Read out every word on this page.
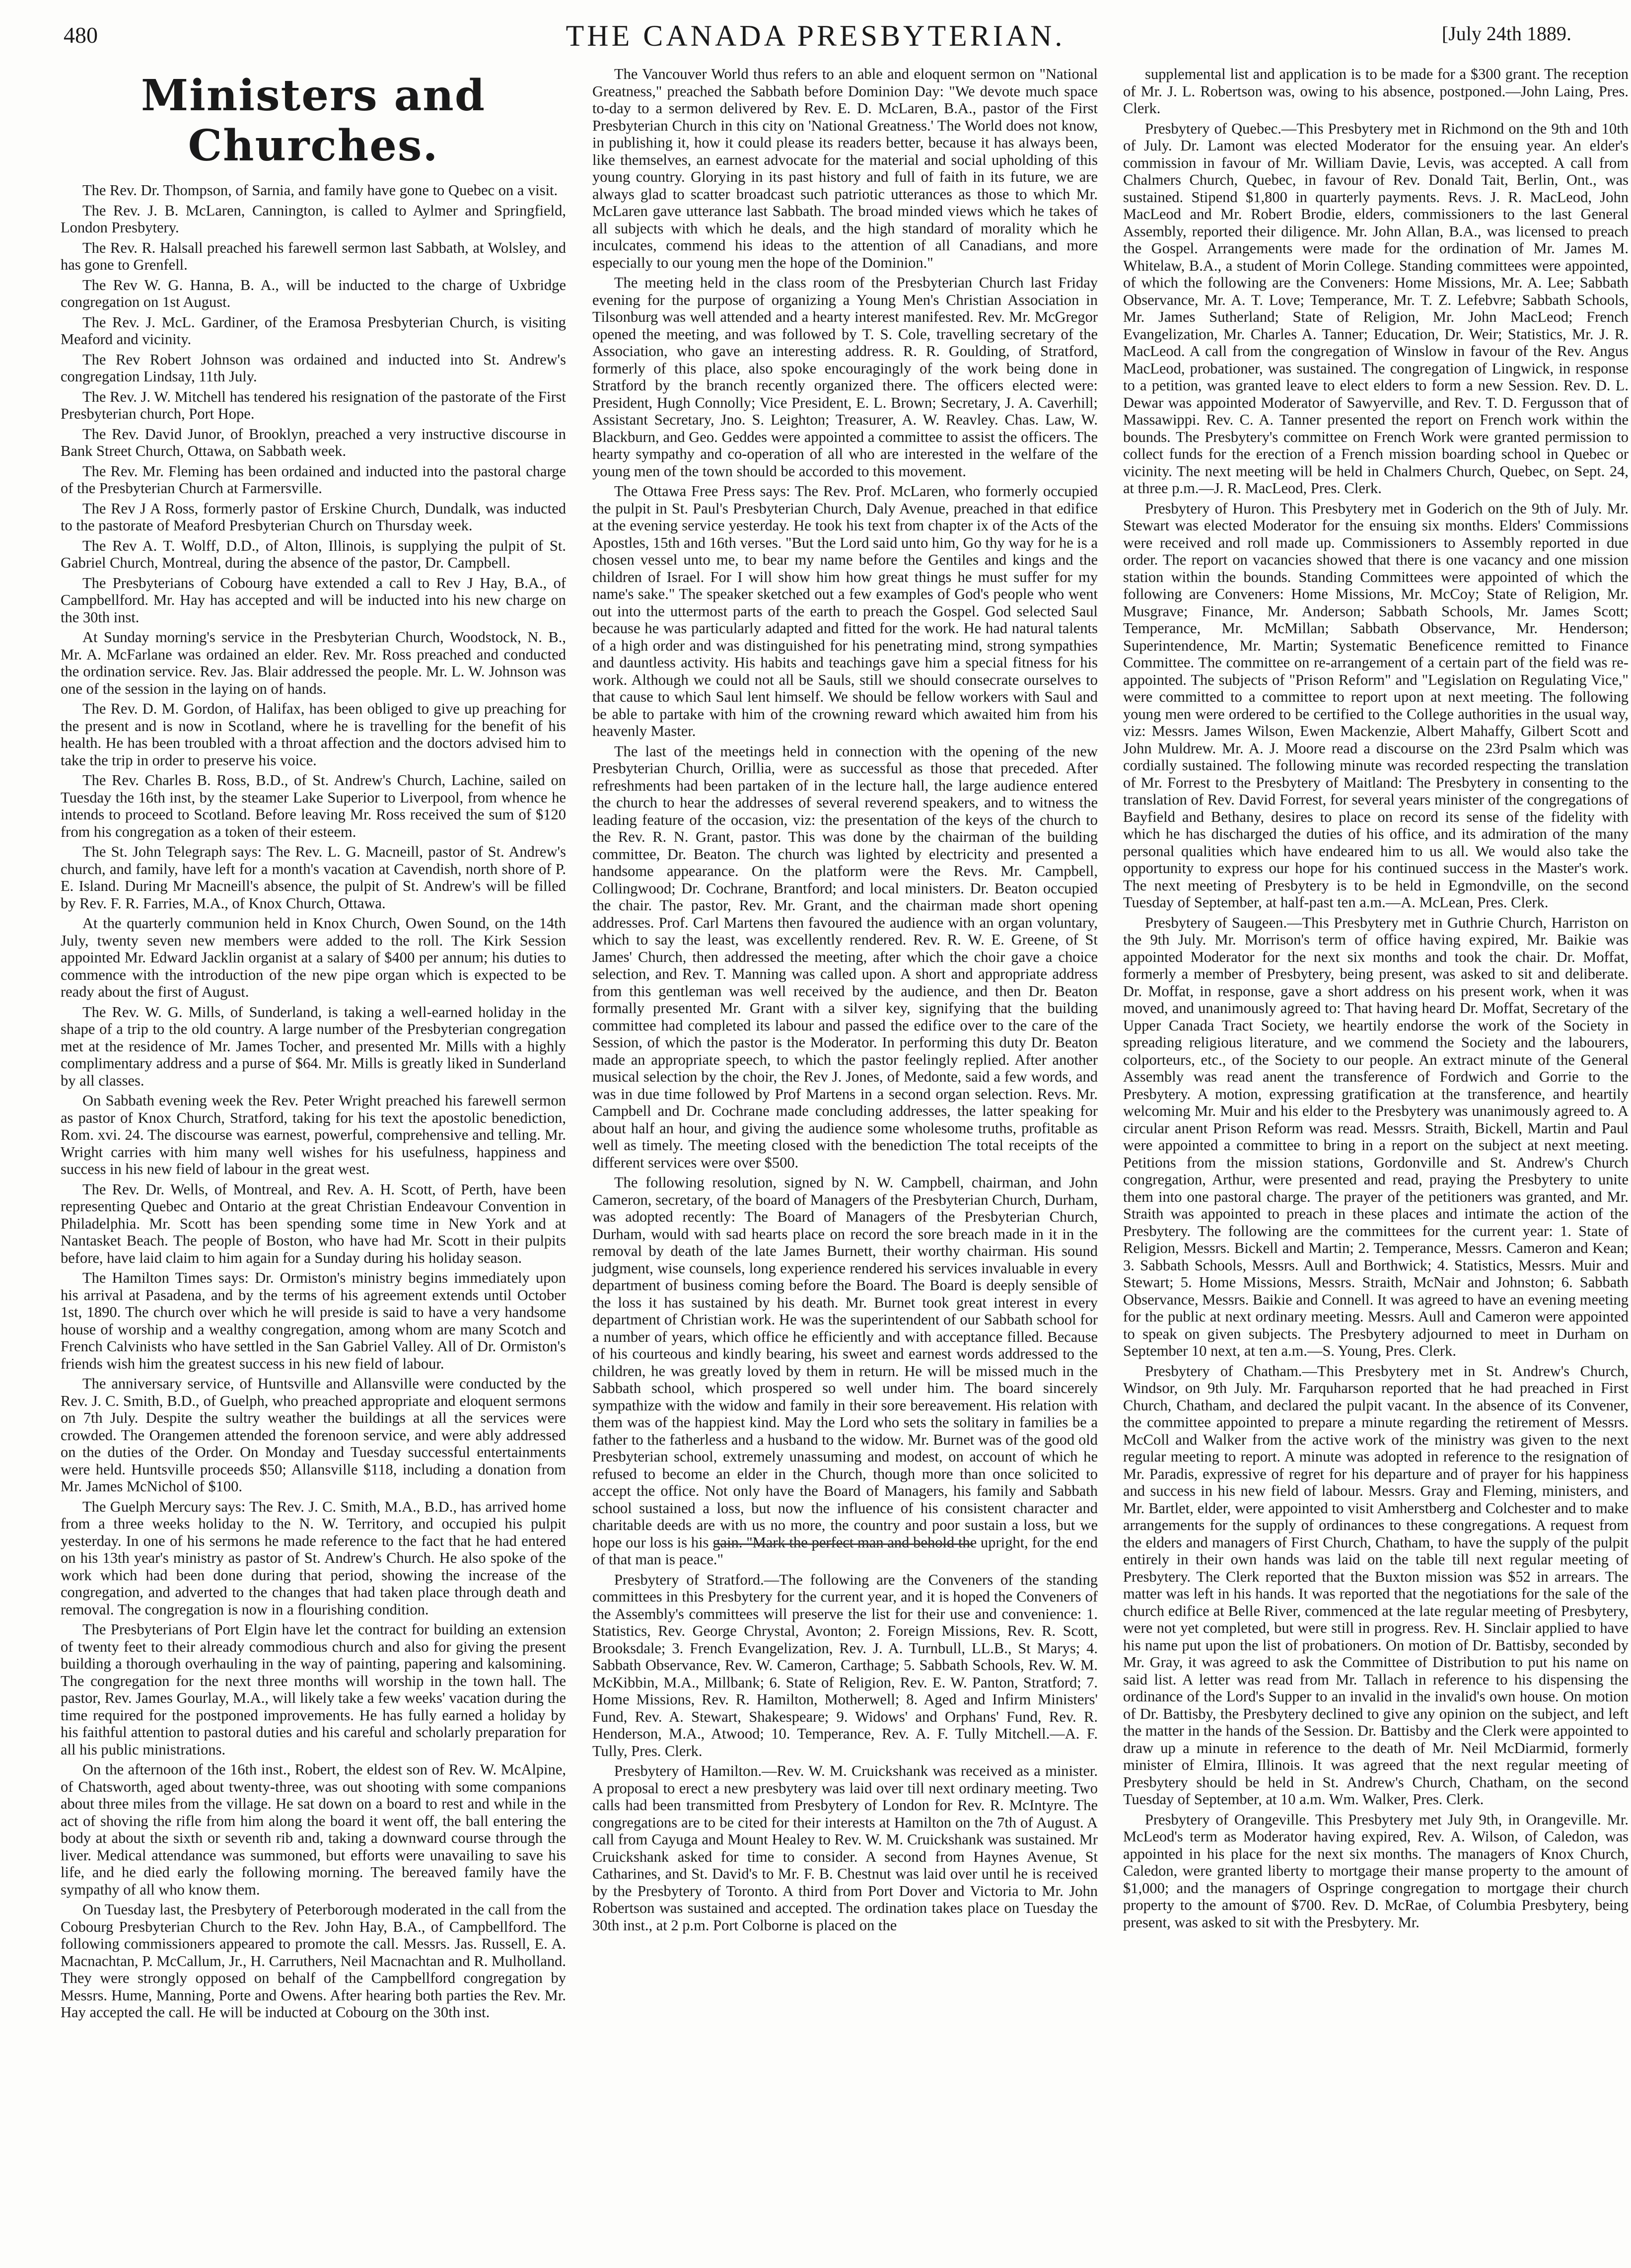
480	THE CANADA PRESBYTERIAN.	[July 24th 1889.
Ministers and Churches.

The Rev. Dr. Thompson, of Sarnia, and family have gone to Quebec on a visit.

The Rev. J. B. McLaren, Cannington, is called to Aylmer and Springfield, London Presbytery.

The Rev. R. Halsall preached his farewell sermon last Sabbath, at Wolsley, and has gone to Grenfell.

The Rev W. G. Hanna, B. A., will be inducted to the charge of Uxbridge congregation on 1st August.

The Rev. J. McL. Gardiner, of the Eramosa Presbyterian Church, is visiting Meaford and vicinity.

The Rev Robert Johnson was ordained and inducted into St. Andrew's congregation Lindsay, 11th July.

The Rev. J. W. Mitchell has tendered his resignation of the pastorate of the First Presbyterian church, Port Hope.

The Rev. David Junor, of Brooklyn, preached a very instructive discourse in Bank Street Church, Ottawa, on Sabbath week.

The Rev. Mr. Fleming has been ordained and inducted into the pastoral charge of the Presbyterian Church at Farmersville.

The Rev J A Ross, formerly pastor of Erskine Church, Dundalk, was inducted to the pastorate of Meaford Presbyterian Church on Thursday week.

The Rev A. T. Wolff, D.D., of Alton, Illinois, is supplying the pulpit of St. Gabriel Church, Montreal, during the absence of the pastor, Dr. Campbell.

The Presbyterians of Cobourg have extended a call to Rev J Hay, B.A., of Campbellford. Mr. Hay has accepted and will be inducted into his new charge on the 30th inst.

At Sunday morning's service in the Presbyterian Church, Woodstock, N. B., Mr. A. McFarlane was ordained an elder. Rev. Mr. Ross preached and conducted the ordination service. Rev. Jas. Blair addressed the people. Mr. L. W. Johnson was one of the session in the laying on of hands.

The Rev. D. M. Gordon, of Halifax, has been obliged to give up preaching for the present and is now in Scotland, where he is travelling for the benefit of his health. He has been troubled with a throat affection and the doctors advised him to take the trip in order to preserve his voice.

The Rev. Charles B. Ross, B.D., of St. Andrew's Church, Lachine, sailed on Tuesday the 16th inst, by the steamer Lake Superior to Liverpool, from whence he intends to proceed to Scotland. Before leaving Mr. Ross received the sum of $120 from his congregation as a token of their esteem.

The St. John Telegraph says: The Rev. L. G. Macneill, pastor of St. Andrew's church, and family, have left for a month's vacation at Cavendish, north shore of P. E. Island. During Mr Macneill's absence, the pulpit of St. Andrew's will be filled by Rev. F. R. Farries, M.A., of Knox Church, Ottawa.

At the quarterly communion held in Knox Church, Owen Sound, on the 14th July, twenty seven new members were added to the roll. The Kirk Session appointed Mr. Edward Jacklin organist at a salary of $400 per annum; his duties to commence with the introduction of the new pipe organ which is expected to be ready about the first of August.

The Rev. W. G. Mills, of Sunderland, is taking a well-earned holiday in the shape of a trip to the old country. A large number of the Presbyterian congregation met at the residence of Mr. James Tocher, and presented Mr. Mills with a highly complimentary address and a purse of $64. Mr. Mills is greatly liked in Sunderland by all classes.

On Sabbath evening week the Rev. Peter Wright preached his farewell sermon as pastor of Knox Church, Stratford, taking for his text the apostolic benediction, Rom. xvi. 24. The discourse was earnest, powerful, comprehensive and telling. Mr. Wright carries with him many well wishes for his usefulness, happiness and success in his new field of labour in the great west.

The Rev. Dr. Wells, of Montreal, and Rev. A. H. Scott, of Perth, have been representing Quebec and Ontario at the great Christian Endeavour Convention in Philadelphia. Mr. Scott has been spending some time in New York and at Nantasket Beach. The people of Boston, who have had Mr. Scott in their pulpits before, have laid claim to him again for a Sunday during his holiday season.

The Hamilton Times says: Dr. Ormiston's ministry begins immediately upon his arrival at Pasadena, and by the terms of his agreement extends until October 1st, 1890. The church over which he will preside is said to have a very handsome house of worship and a wealthy congregation, among whom are many Scotch and French Calvinists who have settled in the San Gabriel Valley. All of Dr. Ormiston's friends wish him the greatest success in his new field of labour.

The anniversary service, of Huntsville and Allansville were conducted by the Rev. J. C. Smith, B.D., of Guelph, who preached appropriate and eloquent sermons on 7th July. Despite the sultry weather the buildings at all the services were crowded. The Orangemen attended the forenoon service, and were ably addressed on the duties of the Order. On Monday and Tuesday successful entertainments were held. Huntsville proceeds $50; Allansville $118, including a donation from Mr. James McNichol of $100.

The Guelph Mercury says: The Rev. J. C. Smith, M.A., B.D., has arrived home from a three weeks holiday to the N. W. Territory, and occupied his pulpit yesterday. In one of his sermons he made reference to the fact that he had entered on his 13th year's ministry as pastor of St. Andrew's Church. He also spoke of the work which had been done during that period, showing the increase of the congregation, and adverted to the changes that had taken place through death and removal. The congregation is now in a flourishing condition.

The Presbyterians of Port Elgin have let the contract for building an extension of twenty feet to their already commodious church and also for giving the present building a thorough overhauling in the way of painting, papering and kalsomining. The congregation for the next three months will worship in the town hall. The pastor, Rev. James Gourlay, M.A., will likely take a few weeks' vacation during the time required for the postponed improvements. He has fully earned a holiday by his faithful attention to pastoral duties and his careful and scholarly preparation for all his public ministrations.

On the afternoon of the 16th inst., Robert, the eldest son of Rev. W. McAlpine, of Chatsworth, aged about twenty-three, was out shooting with some companions about three miles from the village. He sat down on a board to rest and while in the act of shoving the rifle from him along the board it went off, the ball entering the body at about the sixth or seventh rib and, taking a downward course through the liver. Medical attendance was summoned, but efforts were unavailing to save his life, and he died early the following morning. The bereaved family have the sympathy of all who know them.

On Tuesday last, the Presbytery of Peterborough moderated in the call from the Cobourg Presbyterian Church to the Rev. John Hay, B.A., of Campbellford. The following commissioners appeared to promote the call. Messrs. Jas. Russell, E. A. Macnachtan, P. McCallum, Jr., H. Carruthers, Neil Macnachtan and R. Mulholland. They were strongly opposed on behalf of the Campbellford congregation by Messrs. Hume, Manning, Porte and Owens. After hearing both parties the Rev. Mr. Hay accepted the call. He will be inducted at Cobourg on the 30th inst.

The Vancouver World thus refers to an able and eloquent sermon on "National Greatness," preached the Sabbath before Dominion Day: "We devote much space to-day to a sermon delivered by Rev. E. D. McLaren, B.A., pastor of the First Presbyterian Church in this city on 'National Greatness.' The World does not know, in publishing it, how it could please its readers better, because it has always been, like themselves, an earnest advocate for the material and social upholding of this young country. Glorying in its past history and full of faith in its future, we are always glad to scatter broadcast such patriotic utterances as those to which Mr. McLaren gave utterance last Sabbath. The broad minded views which he takes of all subjects with which he deals, and the high standard of morality which he inculcates, commend his ideas to the attention of all Canadians, and more especially to our young men the hope of the Dominion."

The meeting held in the class room of the Presbyterian Church last Friday evening for the purpose of organizing a Young Men's Christian Association in Tilsonburg was well attended and a hearty interest manifested. Rev. Mr. McGregor opened the meeting, and was followed by T. S. Cole, travelling secretary of the Association, who gave an interesting address. R. R. Goulding, of Stratford, formerly of this place, also spoke encouragingly of the work being done in Stratford by the branch recently organized there. The officers elected were: President, Hugh Connolly; Vice President, E. L. Brown; Secretary, J. A. Caverhill; Assistant Secretary, Jno. S. Leighton; Treasurer, A. W. Reavley. Chas. Law, W. Blackburn, and Geo. Geddes were appointed a committee to assist the officers. The hearty sympathy and co-operation of all who are interested in the welfare of the young men of the town should be accorded to this movement.

The Ottawa Free Press says: The Rev. Prof. McLaren, who formerly occupied the pulpit in St. Paul's Presbyterian Church, Daly Avenue, preached in that edifice at the evening service yesterday. He took his text from chapter ix of the Acts of the Apostles, 15th and 16th verses. "But the Lord said unto him, Go thy way for he is a chosen vessel unto me, to bear my name before the Gentiles and kings and the children of Israel. For I will show him how great things he must suffer for my name's sake." The speaker sketched out a few examples of God's people who went out into the uttermost parts of the earth to preach the Gospel. God selected Saul because he was particularly adapted and fitted for the work. He had natural talents of a high order and was distinguished for his penetrating mind, strong sympathies and dauntless activity. His habits and teachings gave him a special fitness for his work. Although we could not all be Sauls, still we should consecrate ourselves to that cause to which Saul lent himself. We should be fellow workers with Saul and be able to partake with him of the crowning reward which awaited him from his heavenly Master.

The last of the meetings held in connection with the opening of the new Presbyterian Church, Orillia, were as successful as those that preceded. After refreshments had been partaken of in the lecture hall, the large audience entered the church to hear the addresses of several reverend speakers, and to witness the leading feature of the occasion, viz: the presentation of the keys of the church to the Rev. R. N. Grant, pastor. This was done by the chairman of the building committee, Dr. Beaton. The church was lighted by electricity and presented a handsome appearance. On the platform were the Revs. Mr. Campbell, Collingwood; Dr. Cochrane, Brantford; and local ministers. Dr. Beaton occupied the chair. The pastor, Rev. Mr. Grant, and the chairman made short opening addresses. Prof. Carl Martens then favoured the audience with an organ voluntary, which to say the least, was excellently rendered. Rev. R. W. E. Greene, of St James' Church, then addressed the meeting, after which the choir gave a choice selection, and Rev. T. Manning was called upon. A short and appropriate address from this gentleman was well received by the audience, and then Dr. Beaton formally presented Mr. Grant with a silver key, signifying that the building committee had completed its labour and passed the edifice over to the care of the Session, of which the pastor is the Moderator. In performing this duty Dr. Beaton made an appropriate speech, to which the pastor feelingly replied. After another musical selection by the choir, the Rev J. Jones, of Medonte, said a few words, and was in due time followed by Prof Martens in a second organ selection. Revs. Mr. Campbell and Dr. Cochrane made concluding addresses, the latter speaking for about half an hour, and giving the audience some wholesome truths, profitable as well as timely. The meeting closed with the benediction The total receipts of the different services were over $500.

The following resolution, signed by N. W. Campbell, chairman, and John Cameron, secretary, of the board of Managers of the Presbyterian Church, Durham, was adopted recently: The Board of Managers of the Presbyterian Church, Durham, would with sad hearts place on record the sore breach made in it in the removal by death of the late James Burnett, their worthy chairman. His sound judgment, wise counsels, long experience rendered his services invaluable in every department of business coming before the Board. The Board is deeply sensible of the loss it has sustained by his death. Mr. Burnet took great interest in every department of Christian work. He was the superintendent of our Sabbath school for a number of years, which office he efficiently and with acceptance filled. Because of his courteous and kindly bearing, his sweet and earnest words addressed to the children, he was greatly loved by them in return. He will be missed much in the Sabbath school, which prospered so well under him. The board sincerely sympathize with the widow and family in their sore bereavement. His relation with them was of the happiest kind. May the Lord who sets the solitary in families be a father to the fatherless and a husband to the widow. Mr. Burnet was of the good old Presbyterian school, extremely unassuming and modest, on account of which he refused to become an elder in the Church, though more than once solicited to accept the office. Not only have the Board of Managers, his family and Sabbath school sustained a loss, but now the influence of his consistent character and charitable deeds are with us no more, the country and poor sustain a loss, but we hope our loss is his gain. "Mark the perfect man and behold the upright, for the end of that man is peace."

Presbytery of Stratford.—The following are the Conveners of the standing committees in this Presbytery for the current year, and it is hoped the Conveners of the Assembly's committees will preserve the list for their use and convenience: 1. Statistics, Rev. George Chrystal, Avonton; 2. Foreign Missions, Rev. R. Scott, Brooksdale; 3. French Evangelization, Rev. J. A. Turnbull, LL.B., St Marys; 4. Sabbath Observance, Rev. W. Cameron, Carthage; 5. Sabbath Schools, Rev. W. M. McKibbin, M.A., Millbank; 6. State of Religion, Rev. E. W. Panton, Stratford; 7. Home Missions, Rev. R. Hamilton, Motherwell; 8. Aged and Infirm Ministers' Fund, Rev. A. Stewart, Shakespeare; 9. Widows' and Orphans' Fund, Rev. R. Henderson, M.A., Atwood; 10. Temperance, Rev. A. F. Tully Mitchell.—A. F. Tully, Pres. Clerk.

Presbytery of Hamilton.—Rev. W. M. Cruickshank was received as a minister. A proposal to erect a new presbytery was laid over till next ordinary meeting. Two calls had been transmitted from Presbytery of London for Rev. R. McIntyre. The congregations are to be cited for their interests at Hamilton on the 7th of August. A call from Cayuga and Mount Healey to Rev. W. M. Cruickshank was sustained. Mr Cruickshank asked for time to consider. A second from Haynes Avenue, St Catharines, and St. David's to Mr. F. B. Chestnut was laid over until he is received by the Presbytery of Toronto. A third from Port Dover and Victoria to Mr. John Robertson was sustained and accepted. The ordination takes place on Tuesday the 30th inst., at 2 p.m. Port Colborne is placed on the

supplemental list and application is to be made for a $300 grant. The reception of Mr. J. L. Robertson was, owing to his absence, postponed.—John Laing, Pres. Clerk.

Presbytery of Quebec.—This Presbytery met in Richmond on the 9th and 10th of July. Dr. Lamont was elected Moderator for the ensuing year. An elder's commission in favour of Mr. William Davie, Levis, was accepted. A call from Chalmers Church, Quebec, in favour of Rev. Donald Tait, Berlin, Ont., was sustained. Stipend $1,800 in quarterly payments. Revs. J. R. MacLeod, John MacLeod and Mr. Robert Brodie, elders, commissioners to the last General Assembly, reported their diligence. Mr. John Allan, B.A., was licensed to preach the Gospel. Arrangements were made for the ordination of Mr. James M. Whitelaw, B.A., a student of Morin College. Standing committees were appointed, of which the following are the Conveners: Home Missions, Mr. A. Lee; Sabbath Observance, Mr. A. T. Love; Temperance, Mr. T. Z. Lefebvre; Sabbath Schools, Mr. James Sutherland; State of Religion, Mr. John MacLeod; French Evangelization, Mr. Charles A. Tanner; Education, Dr. Weir; Statistics, Mr. J. R. MacLeod. A call from the congregation of Winslow in favour of the Rev. Angus MacLeod, probationer, was sustained. The congregation of Lingwick, in response to a petition, was granted leave to elect elders to form a new Session. Rev. D. L. Dewar was appointed Moderator of Sawyerville, and Rev. T. D. Fergusson that of Massawippi. Rev. C. A. Tanner presented the report on French work within the bounds. The Presbytery's committee on French Work were granted permission to collect funds for the erection of a French mission boarding school in Quebec or vicinity. The next meeting will be held in Chalmers Church, Quebec, on Sept. 24, at three p.m.—J. R. MacLeod, Pres. Clerk.

Presbytery of Huron. This Presbytery met in Goderich on the 9th of July. Mr. Stewart was elected Moderator for the ensuing six months. Elders' Commissions were received and roll made up. Commissioners to Assembly reported in due order. The report on vacancies showed that there is one vacancy and one mission station within the bounds. Standing Committees were appointed of which the following are Conveners: Home Missions, Mr. McCoy; State of Religion, Mr. Musgrave; Finance, Mr. Anderson; Sabbath Schools, Mr. James Scott; Temperance, Mr. McMillan; Sabbath Observance, Mr. Henderson; Superintendence, Mr. Martin; Systematic Beneficence remitted to Finance Committee. The committee on re-arrangement of a certain part of the field was re-appointed. The subjects of "Prison Reform" and "Legislation on Regulating Vice," were committed to a committee to report upon at next meeting. The following young men were ordered to be certified to the College authorities in the usual way, viz: Messrs. James Wilson, Ewen Mackenzie, Albert Mahaffy, Gilbert Scott and John Muldrew. Mr. A. J. Moore read a discourse on the 23rd Psalm which was cordially sustained. The following minute was recorded respecting the translation of Mr. Forrest to the Presbytery of Maitland: The Presbytery in consenting to the translation of Rev. David Forrest, for several years minister of the congregations of Bayfield and Bethany, desires to place on record its sense of the fidelity with which he has discharged the duties of his office, and its admiration of the many personal qualities which have endeared him to us all. We would also take the opportunity to express our hope for his continued success in the Master's work. The next meeting of Presbytery is to be held in Egmondville, on the second Tuesday of September, at half-past ten a.m.—A. McLean, Pres. Clerk.

Presbytery of Saugeen.—This Presbytery met in Guthrie Church, Harriston on the 9th July. Mr. Morrison's term of office having expired, Mr. Baikie was appointed Moderator for the next six months and took the chair. Dr. Moffat, formerly a member of Presbytery, being present, was asked to sit and deliberate. Dr. Moffat, in response, gave a short address on his present work, when it was moved, and unanimously agreed to: That having heard Dr. Moffat, Secretary of the Upper Canada Tract Society, we heartily endorse the work of the Society in spreading religious literature, and we commend the Society and the labourers, colporteurs, etc., of the Society to our people. An extract minute of the General Assembly was read anent the transference of Fordwich and Gorrie to the Presbytery. A motion, expressing gratification at the transference, and heartily welcoming Mr. Muir and his elder to the Presbytery was unanimously agreed to. A circular anent Prison Reform was read. Messrs. Straith, Bickell, Martin and Paul were appointed a committee to bring in a report on the subject at next meeting. Petitions from the mission stations, Gordonville and St. Andrew's Church congregation, Arthur, were presented and read, praying the Presbytery to unite them into one pastoral charge. The prayer of the petitioners was granted, and Mr. Straith was appointed to preach in these places and intimate the action of the Presbytery. The following are the committees for the current year: 1. State of Religion, Messrs. Bickell and Martin; 2. Temperance, Messrs. Cameron and Kean; 3. Sabbath Schools, Messrs. Aull and Borthwick; 4. Statistics, Messrs. Muir and Stewart; 5. Home Missions, Messrs. Straith, McNair and Johnston; 6. Sabbath Observance, Messrs. Baikie and Connell. It was agreed to have an evening meeting for the public at next ordinary meeting. Messrs. Aull and Cameron were appointed to speak on given subjects. The Presbytery adjourned to meet in Durham on September 10 next, at ten a.m.—S. Young, Pres. Clerk.

Presbytery of Chatham.—This Presbytery met in St. Andrew's Church, Windsor, on 9th July. Mr. Farquharson reported that he had preached in First Church, Chatham, and declared the pulpit vacant. In the absence of its Convener, the committee appointed to prepare a minute regarding the retirement of Messrs. McColl and Walker from the active work of the ministry was given to the next regular meeting to report. A minute was adopted in reference to the resignation of Mr. Paradis, expressive of regret for his departure and of prayer for his happiness and success in his new field of labour. Messrs. Gray and Fleming, ministers, and Mr. Bartlet, elder, were appointed to visit Amherstberg and Colchester and to make arrangements for the supply of ordinances to these congregations. A request from the elders and managers of First Church, Chatham, to have the supply of the pulpit entirely in their own hands was laid on the table till next regular meeting of Presbytery. The Clerk reported that the Buxton mission was $52 in arrears. The matter was left in his hands. It was reported that the negotiations for the sale of the church edifice at Belle River, commenced at the late regular meeting of Presbytery, were not yet completed, but were still in progress. Rev. H. Sinclair applied to have his name put upon the list of probationers. On motion of Dr. Battisby, seconded by Mr. Gray, it was agreed to ask the Committee of Distribution to put his name on said list. A letter was read from Mr. Tallach in reference to his dispensing the ordinance of the Lord's Supper to an invalid in the invalid's own house. On motion of Dr. Battisby, the Presbytery declined to give any opinion on the subject, and left the matter in the hands of the Session. Dr. Battisby and the Clerk were appointed to draw up a minute in reference to the death of Mr. Neil McDiarmid, formerly minister of Elmira, Illinois. It was agreed that the next regular meeting of Presbytery should be held in St. Andrew's Church, Chatham, on the second Tuesday of September, at 10 a.m. Wm. Walker, Pres. Clerk.

Presbytery of Orangeville. This Presbytery met July 9th, in Orangeville. Mr. McLeod's term as Moderator having expired, Rev. A. Wilson, of Caledon, was appointed in his place for the next six months. The managers of Knox Church, Caledon, were granted liberty to mortgage their manse property to the amount of $1,000; and the managers of Ospringe congregation to mortgage their church property to the amount of $700. Rev. D. McRae, of Columbia Presbytery, being present, was asked to sit with the Presbytery. Mr.
